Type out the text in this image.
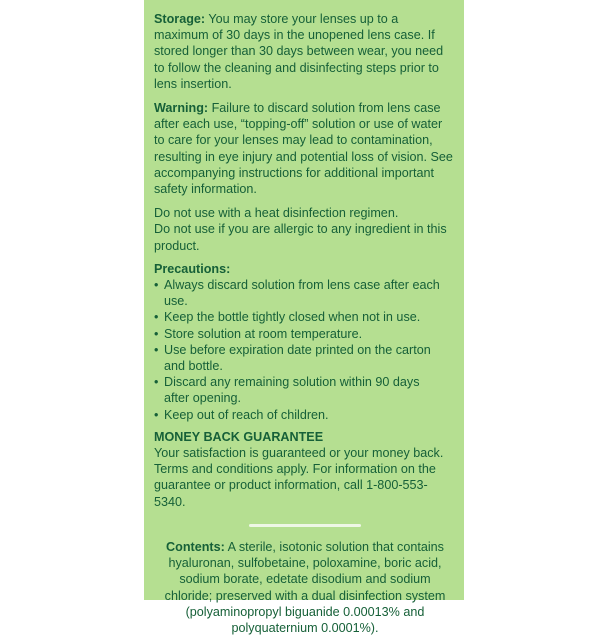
Storage: You may store your lenses up to a maximum of 30 days in the unopened lens case. If stored longer than 30 days between wear, you need to follow the cleaning and disinfecting steps prior to lens insertion.

Warning: Failure to discard solution from lens case after each use, “topping-off” solution or use of water to care for your lenses may lead to contamination, resulting in eye injury and potential loss of vision. See accompanying instructions for additional important safety information.

Do not use with a heat disinfection regimen.
Do not use if you are allergic to any ingredient in this product.

Precautions:
• Always discard solution from lens case after each use.
• Keep the bottle tightly closed when not in use.
• Store solution at room temperature.
• Use before expiration date printed on the carton and bottle.
• Discard any remaining solution within 90 days after opening.
• Keep out of reach of children.
MONEY BACK GUARANTEE

Your satisfaction is guaranteed or your money back. Terms and conditions apply. For information on the guarantee or product information, call 1-800-553-5340.

Contents: A sterile, isotonic solution that contains hyaluronan, sulfobetaine, poloxamine, boric acid, sodium borate, edetate disodium and sodium chloride; preserved with a dual disinfection system (polyaminopropyl biguanide 0.00013% and polyquaternium 0.0001%).
